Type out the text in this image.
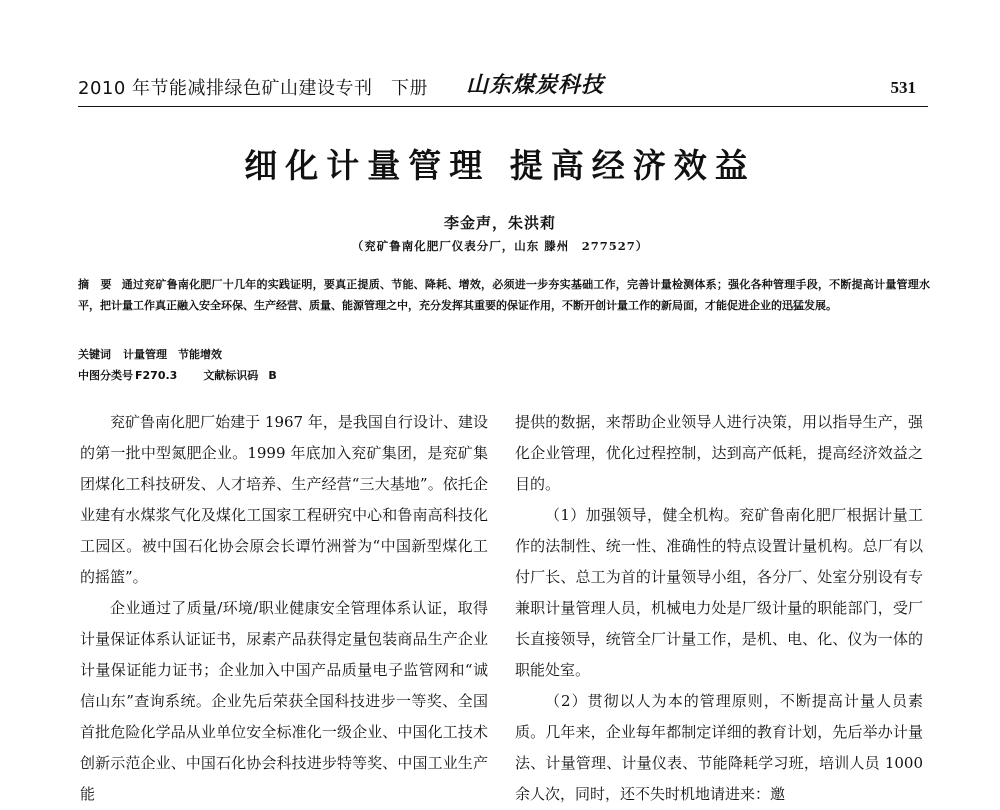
2010 年节能减排绿色矿山建设专刊　下册 山东煤炭科技	531
细化计量管理 提高经济效益
李金声，朱洪莉
（兖矿鲁南化肥厂仪表分厂，山东 滕州　277527）
摘　要 通过兖矿鲁南化肥厂十几年的实践证明，要真正提质、节能、降耗、增效，必须进一步夯实基础工作，完善计量检测体系；强化各种管理手段，不断提高计量管理水平，把计量工作真正融入安全环保、生产经营、质量、能源管理之中，充分发挥其重要的保证作用，不断开创计量工作的新局面，才能促进企业的迅猛发展。
关键词 计量管理　节能增效
中图分类号 F270.3 文献标识码 B

兖矿鲁南化肥厂始建于 1967 年，是我国自行设计、建设的第一批中型氮肥企业。1999 年底加入兖矿集团，是兖矿集团煤化工科技研发、人才培养、生产经营“三大基地”。依托企业建有水煤浆气化及煤化工国家工程研究中心和鲁南高科技化工园区。被中国石化协会原会长谭竹洲誉为“中国新型煤化工的摇篮”。

企业通过了质量/环境/职业健康安全管理体系认证，取得计量保证体系认证证书，尿素产品获得定量包装商品生产企业计量保证能力证书；企业加入中国产品质量电子监管网和“诚信山东”查询系统。企业先后荣获全国科技进步一等奖、全国首批危险化学品从业单位安全标准化一级企业、中国化工技术创新示范企业、中国石化协会科技进步特等奖、中国工业生产能

提供的数据，来帮助企业领导人进行决策，用以指导生产，强化企业管理，优化过程控制，达到高产低耗，提高经济效益之目的。

（1）加强领导，健全机构。兖矿鲁南化肥厂根据计量工作的法制性、统一性、准确性的特点设置计量机构。总厂有以付厂长、总工为首的计量领导小组，各分厂、处室分别设有专兼职计量管理人员，机械电力处是厂级计量的职能部门，受厂长直接领导，统管全厂计量工作，是机、电、化、仪为一体的职能处室。

（2）贯彻以人为本的管理原则，不断提高计量人员素质。几年来，企业每年都制定详细的教育计划，先后举办计量法、计量管理、计量仪表、节能降耗学习班，培训人员 1000 余人次，同时，还不失时机地请进来：邀
